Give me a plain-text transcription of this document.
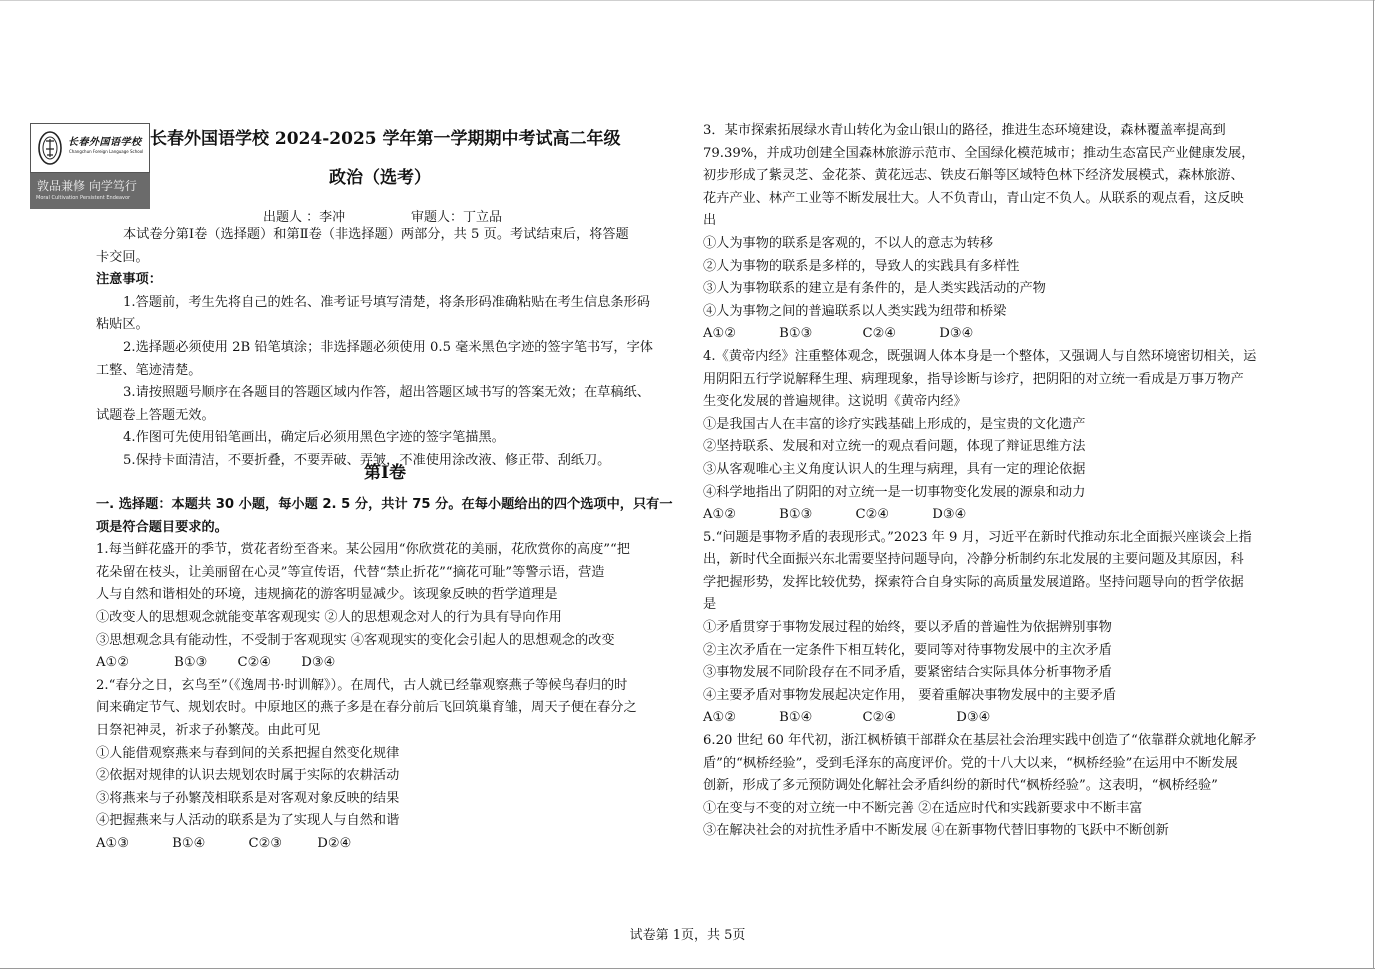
长春外国语学校
Changchun Foreign Language School
敦品兼修 向学笃行
Moral Cultivation Persistent Endeavor
长春外国语学校 2024-2025 学年第一学期期中考试高二年级
政治（选考）
出题人 ：李冲	审题人：丁立品

本试卷分第Ⅰ卷（选择题）和第Ⅱ卷（非选择题）两部分，共 5 页。考试结束后，将答题

卡交回。

注意事项：

1.答题前，考生先将自己的姓名、准考证号填写清楚，将条形码准确粘贴在考生信息条形码

粘贴区。

2.选择题必须使用 2B 铅笔填涂；非选择题必须使用 0.5 毫米黑色字迹的签字笔书写，字体

工整、笔迹清楚。

3.请按照题号顺序在各题目的答题区域内作答，超出答题区域书写的答案无效；在草稿纸、

试题卷上答题无效。

4.作图可先使用铅笔画出，确定后必须用黑色字迹的签字笔描黑。

5.保持卡面清洁，不要折叠，不要弄破、弄皱，不准使用涂改液、修正带、刮纸刀。

第Ⅰ卷

一. 选择题：本题共 30 小题，每小题 2. 5 分，共计 75 分。在每小题给出的四个选项中，只有一

项是符合题目要求的。

1.每当鲜花盛开的季节，赏花者纷至沓来。某公园用“你欣赏花的美丽，花欣赏你的高度”“把

花朵留在枝头，让美丽留在心灵”等宣传语，代替“禁止折花”“摘花可耻”等警示语，营造

人与自然和谐相处的环境，违规摘花的游客明显减少。该现象反映的哲学道理是

①改变人的思想观念就能变革客观现实 ②人的思想观念对人的行为具有导向作用

③思想观念具有能动性，不受制于客观现实 ④客观现实的变化会引起人的思想观念的改变

A①②	B①③ C②④ D③④

2.“春分之日，玄鸟至”（《逸周书·时训解》）。在周代，古人就已经靠观察燕子等候鸟春归的时

间来确定节气、规划农时。中原地区的燕子多是在春分前后飞回筑巢育雏，周天子便在春分之

日祭祀神灵，祈求子孙繁茂。由此可见

①人能借观察燕来与春到间的关系把握自然变化规律

②依据对规律的认识去规划农时属于实际的农耕活动

③将燕来与子孙繁茂相联系是对客观对象反映的结果

④把握燕来与人活动的联系是为了实现人与自然和谐

A①③	B①④	C②③	D②④

3．某市探索拓展绿水青山转化为金山银山的路径，推进生态环境建设，森林覆盖率提高到

79.39%，并成功创建全国森林旅游示范市、全国绿化模范城市；推动生态富民产业健康发展，

初步形成了紫灵芝、金花茶、黄花远志、铁皮石斛等区域特色林下经济发展模式，森林旅游、

花卉产业、林产工业等不断发展壮大。人不负青山，青山定不负人。从联系的观点看，这反映

出

①人为事物的联系是客观的，不以人的意志为转移

②人为事物的联系是多样的，导致人的实践具有多样性

③人为事物联系的建立是有条件的，是人类实践活动的产物

④人为事物之间的普遍联系以人类实践为纽带和桥梁

A①②	B①③	C②④	D③④

4.《黄帝内经》注重整体观念，既强调人体本身是一个整体，又强调人与自然环境密切相关，运

用阴阳五行学说解释生理、病理现象，指导诊断与诊疗，把阴阳的对立统一看成是万事万物产

生变化发展的普遍规律。这说明《黄帝内经》

①是我国古人在丰富的诊疗实践基础上形成的，是宝贵的文化遗产

②坚持联系、发展和对立统一的观点看问题，体现了辩证思维方法

③从客观唯心主义角度认识人的生理与病理，具有一定的理论依据

④科学地指出了阴阳的对立统一是一切事物变化发展的源泉和动力

A①②	B①③	C②④	D③④

5.“问题是事物矛盾的表现形式。”2023 年 9 月，习近平在新时代推动东北全面振兴座谈会上指

出，新时代全面振兴东北需要坚持问题导向，冷静分析制约东北发展的主要问题及其原因，科

学把握形势，发挥比较优势，探索符合自身实际的高质量发展道路。坚持问题导向的哲学依据

是

①矛盾贯穿于事物发展过程的始终，要以矛盾的普遍性为依据辨别事物

②主次矛盾在一定条件下相互转化，要同等对待事物发展中的主次矛盾

③事物发展不同阶段存在不同矛盾，要紧密结合实际具体分析事物矛盾

④主要矛盾对事物发展起决定作用， 要着重解决事物发展中的主要矛盾

A①②	B①④	C②④	D③④

6.20 世纪 60 年代初，浙江枫桥镇干部群众在基层社会治理实践中创造了“依靠群众就地化解矛

盾”的“枫桥经验”，受到毛泽东的高度评价。党的十八大以来，“枫桥经验”在运用中不断发展

创新，形成了多元预防调处化解社会矛盾纠纷的新时代“枫桥经验”。这表明，“枫桥经验”

①在变与不变的对立统一中不断完善 ②在适应时代和实践新要求中不断丰富

③在解决社会的对抗性矛盾中不断发展 ④在新事物代替旧事物的飞跃中不断创新

试卷第 1页，共 5页
